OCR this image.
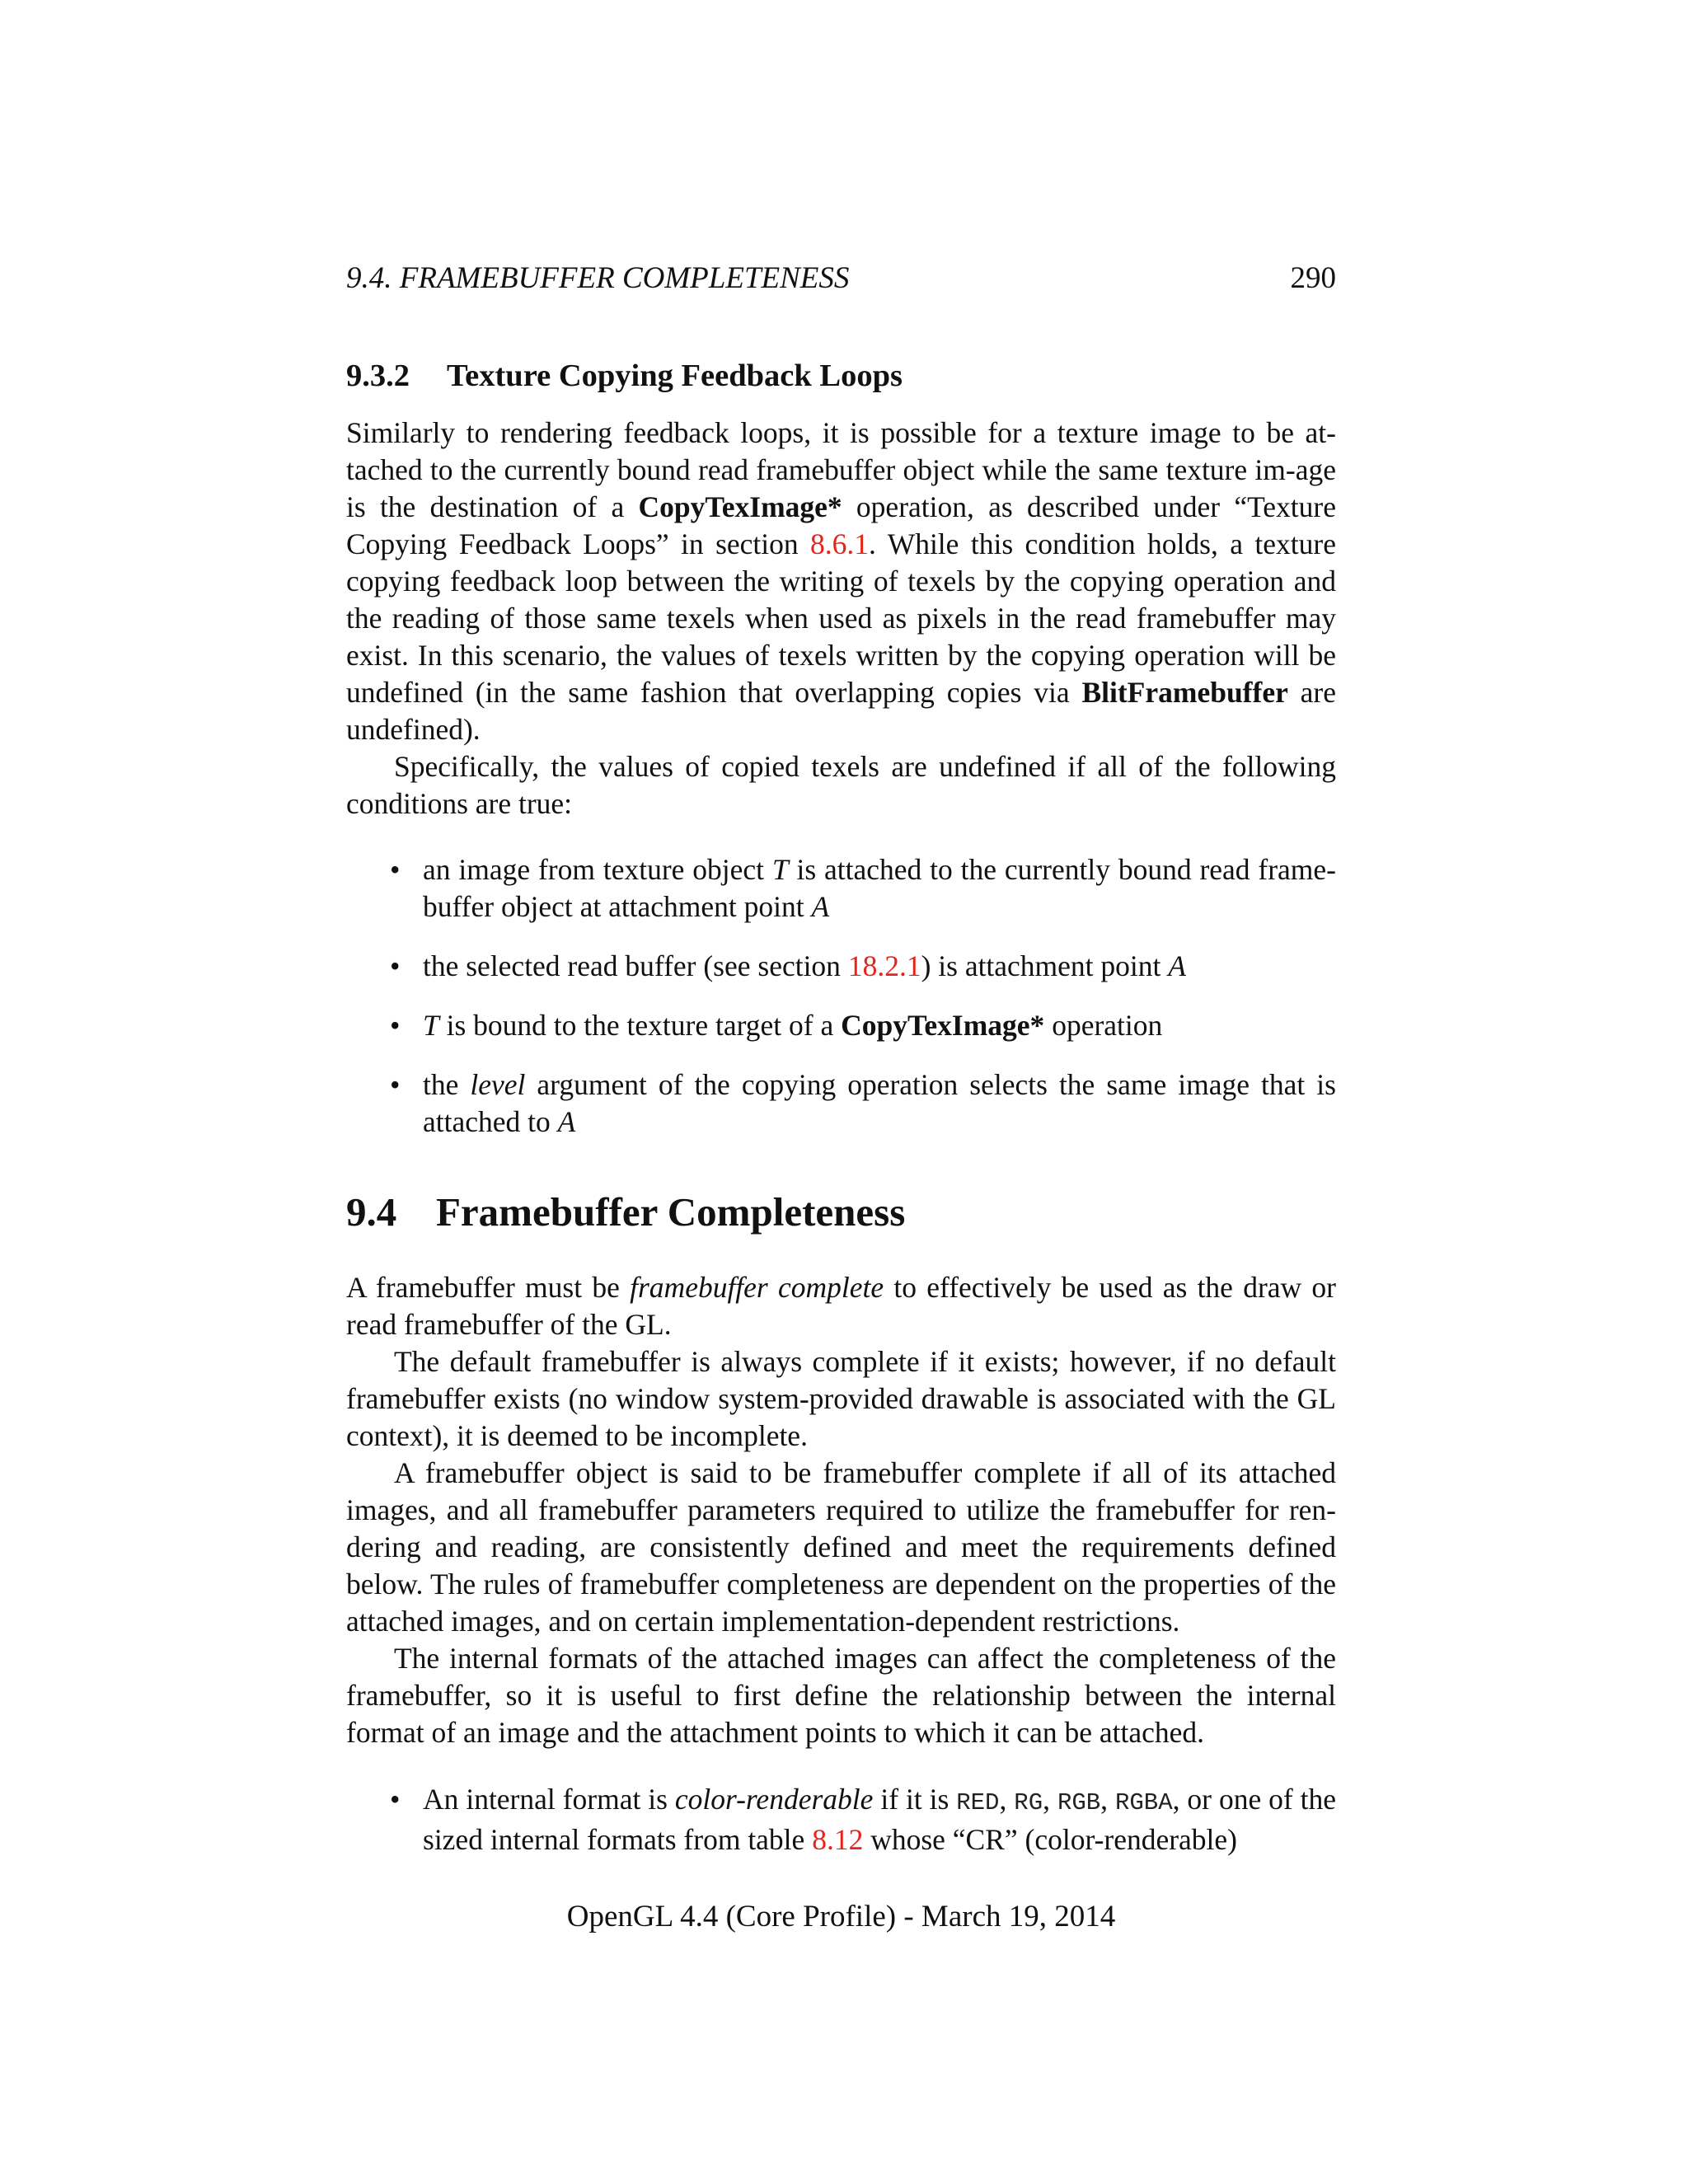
9.4. FRAMEBUFFER COMPLETENESS	290
9.3.2 Texture Copying Feedback Loops

Similarly to rendering feedback loops, it is possible for a texture image to be at-tached to the currently bound read framebuffer object while the same texture im-age is the destination of a CopyTexImage* operation, as described under “Texture Copying Feedback Loops” in section 8.6.1. While this condition holds, a texture copying feedback loop between the writing of texels by the copying operation and the reading of those same texels when used as pixels in the read framebuffer may exist. In this scenario, the values of texels written by the copying operation will be undefined (in the same fashion that overlapping copies via BlitFramebuffer are undefined).

Specifically, the values of copied texels are undefined if all of the following conditions are true:

• an image from texture object T is attached to the currently bound read frame-buffer object at attachment point A
• the selected read buffer (see section 18.2.1) is attachment point A
• T is bound to the texture target of a CopyTexImage* operation
• the level argument of the copying operation selects the same image that is attached to A
9.4 Framebuffer Completeness

A framebuffer must be framebuffer complete to effectively be used as the draw or read framebuffer of the GL.

The default framebuffer is always complete if it exists; however, if no default framebuffer exists (no window system-provided drawable is associated with the GL context), it is deemed to be incomplete.

A framebuffer object is said to be framebuffer complete if all of its attached images, and all framebuffer parameters required to utilize the framebuffer for ren-dering and reading, are consistently defined and meet the requirements defined below. The rules of framebuffer completeness are dependent on the properties of the attached images, and on certain implementation-dependent restrictions.

The internal formats of the attached images can affect the completeness of the framebuffer, so it is useful to first define the relationship between the internal format of an image and the attachment points to which it can be attached.

• An internal format is color-renderable if it is RED, RG, RGB, RGBA, or one of the sized internal formats from table 8.12 whose “CR” (color-renderable)
OpenGL 4.4 (Core Profile) - March 19, 2014
